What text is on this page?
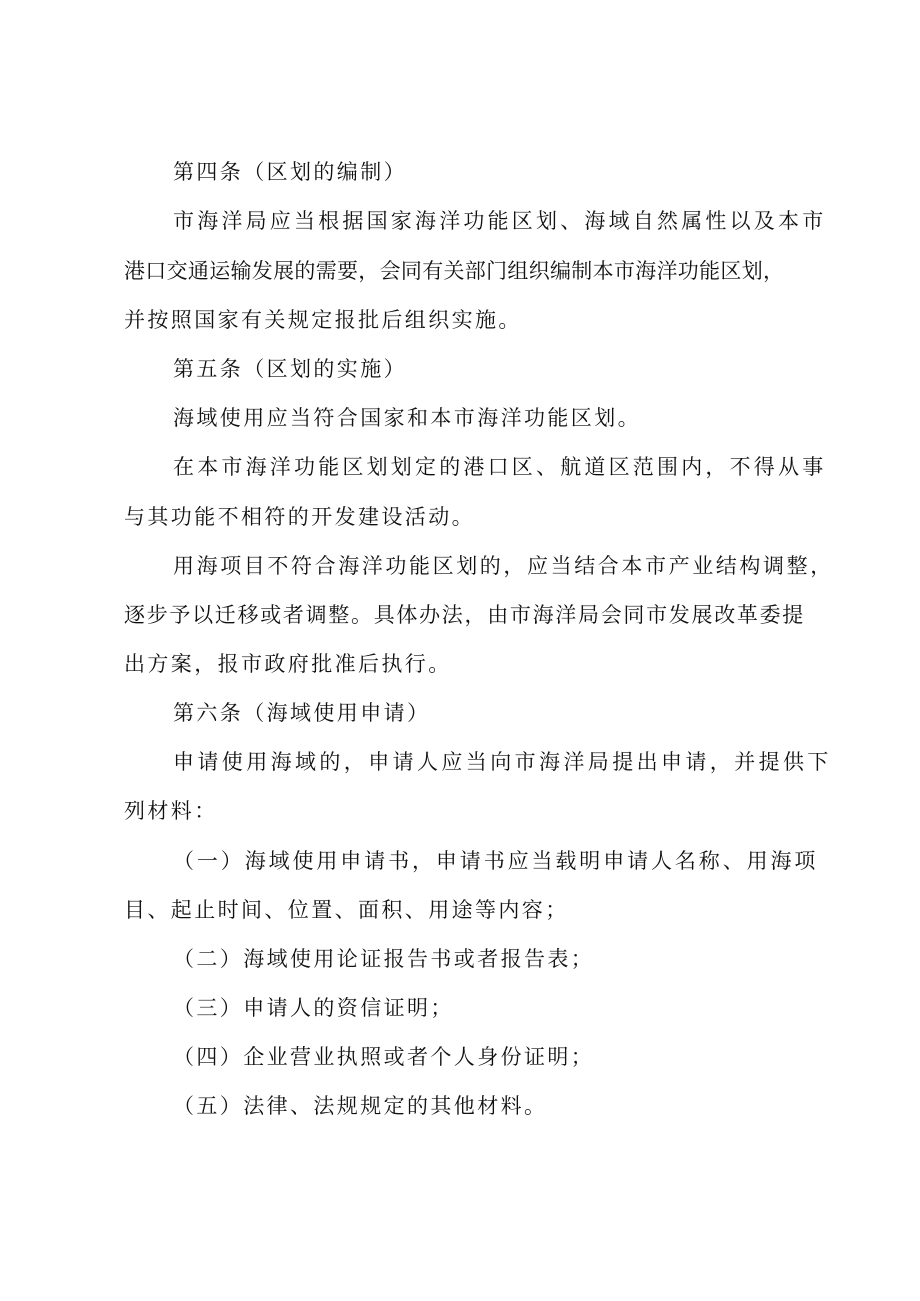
第四条（区划的编制）
市海洋局应当根据国家海洋功能区划、海域自然属性以及本市
港口交通运输发展的需要，会同有关部门组织编制本市海洋功能区划，
并按照国家有关规定报批后组织实施。
第五条（区划的实施）
海域使用应当符合国家和本市海洋功能区划。
在本市海洋功能区划划定的港口区、航道区范围内，不得从事
与其功能不相符的开发建设活动。
用海项目不符合海洋功能区划的，应当结合本市产业结构调整，
逐步予以迁移或者调整。具体办法，由市海洋局会同市发展改革委提
出方案，报市政府批准后执行。
第六条（海域使用申请）
申请使用海域的，申请人应当向市海洋局提出申请，并提供下
列材料：
（一）海域使用申请书，申请书应当载明申请人名称、用海项
目、起止时间、位置、面积、用途等内容；
（二）海域使用论证报告书或者报告表；
（三）申请人的资信证明；
（四）企业营业执照或者个人身份证明；
（五）法律、法规规定的其他材料。
